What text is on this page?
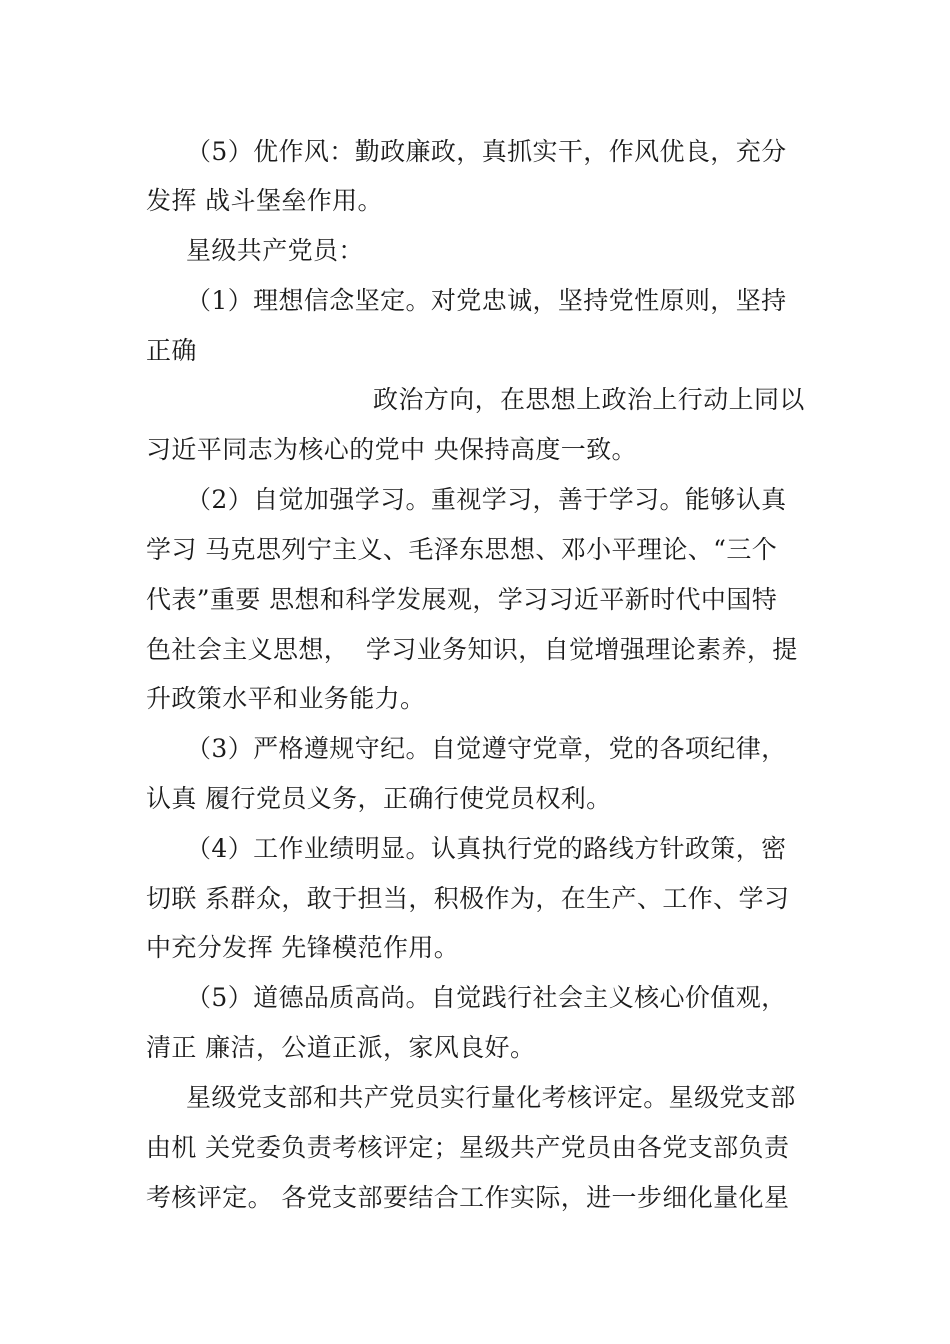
（5）优作风：勤政廉政，真抓实干，作风优良，充分
发挥 战斗堡垒作用。
星级共产党员：
（1）理想信念坚定。对党忠诚，坚持党性原则，坚持
正确
政治方向，在思想上政治上行动上同以
习近平同志为核心的党中 央保持高度一致。
（2）自觉加强学习。重视学习，善于学习。能够认真
学习 马克思列宁主义、毛泽东思想、邓小平理论、“三个
代表”重要 思想和科学发展观，学习习近平新时代中国特
色社会主义思想，  学习业务知识，自觉增强理论素养，提
升政策水平和业务能力。
（3）严格遵规守纪。自觉遵守党章，党的各项纪律，
认真 履行党员义务，正确行使党员权利。
（4）工作业绩明显。认真执行党的路线方针政策，密
切联 系群众，敢于担当，积极作为，在生产、工作、学习
中充分发挥 先锋模范作用。
（5）道德品质高尚。自觉践行社会主义核心价值观，
清正 廉洁，公道正派，家风良好。
星级党支部和共产党员实行量化考核评定。星级党支部
由机 关党委负责考核评定；星级共产党员由各党支部负责
考核评定。 各党支部要结合工作实际，进一步细化量化星
